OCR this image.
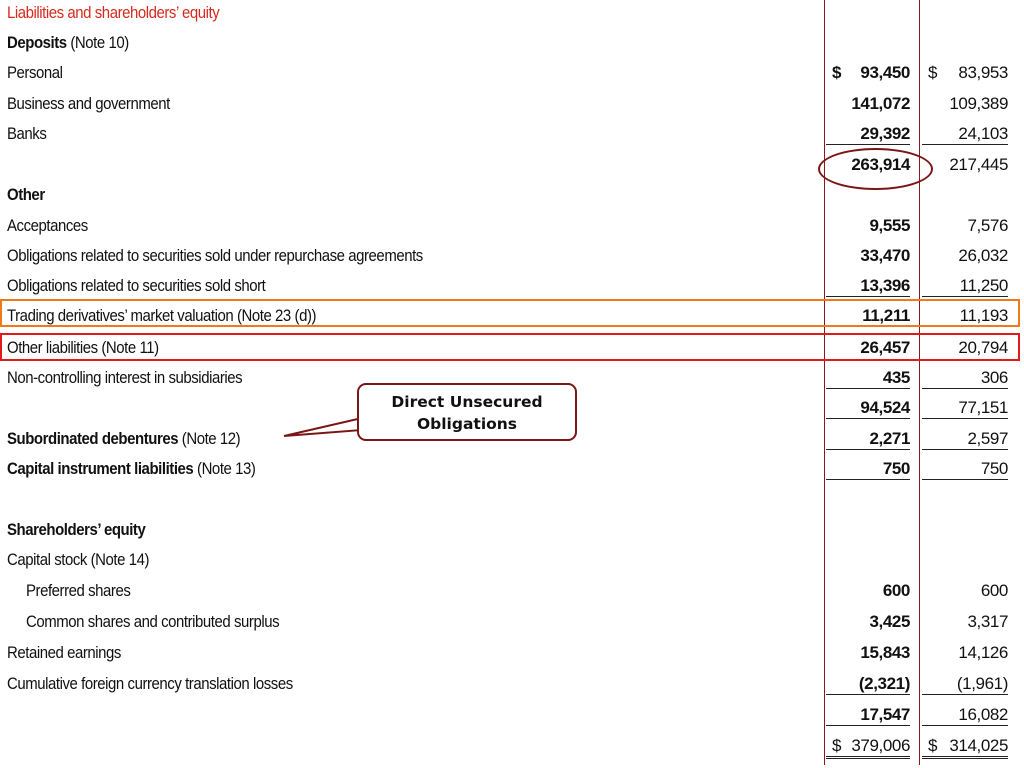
Liabilities and shareholders’ equity
Deposits (Note 10)
Personal	$ 93,450 $ 83,953
Business and government	141,072	109,389
Banks	29,392	24,103
263,914	217,445
Other
Acceptances	9,555	7,576
Obligations related to securities sold under repurchase agreements	33,470	26,032
Obligations related to securities sold short	13,396	11,250
Trading derivatives’ market valuation (Note 23 (d))	11,211	11,193
Other liabilities (Note 11)	26,457	20,794
Non-controlling interest in subsidiaries	435	306
94,524	77,151
Subordinated debentures (Note 12)	2,271	2,597
Capital instrument liabilities (Note 13)	750	750
Shareholders’ equity
Capital stock (Note 14)
Preferred shares	600	600
Common shares and contributed surplus	3,425	3,317
Retained earnings	15,843	14,126
Cumulative foreign currency translation losses	(2,321)	(1,961)
17,547	16,082
$ 379,006 $ 314,025
Direct Unsecured
Obligations
